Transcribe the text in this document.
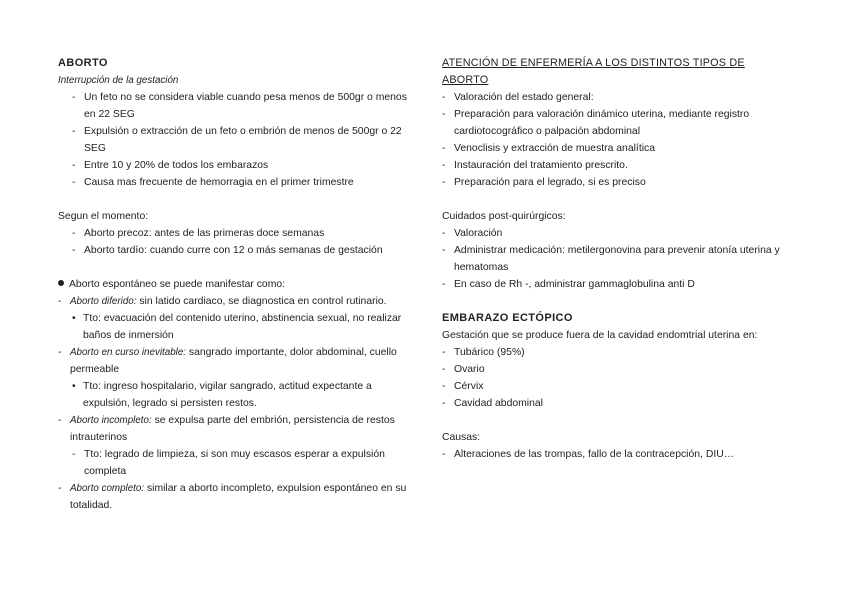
ABORTO
Interrupción de la gestación
- Un feto no se considera viable cuando pesa menos de 500gr o menos en 22 SEG
- Expulsión o extracción de un feto o embrión de menos de 500gr o 22 SEG
- Entre 10 y 20% de todos los embarazos
- Causa mas frecuente de hemorragia en el primer trimestre
Segun el momento:
- Aborto precoz: antes de las primeras doce semanas
- Aborto tardío: cuando curre con 12 o más semanas de gestación
Aborto espontáneo se puede manifestar como:
- Aborto diferido: sin latido cardiaco, se diagnostica en control rutinario.
• Tto: evacuación del contenido uterino, abstinencia sexual, no realizar baños de inmersión
- Aborto en curso inevitable: sangrado importante, dolor abdominal, cuello permeable
• Tto: ingreso hospitalario, vigilar sangrado, actitud expectante a expulsión, legrado si persisten restos.
- Aborto incompleto: se expulsa parte del embrión, persistencia de restos intrauterinos
- Tto: legrado de limpieza, si son muy escasos esperar a expulsión completa
- Aborto completo: similar a aborto incompleto, expulsion espontáneo en su totalidad.
ATENCIÓN DE ENFERMERÍA A LOS DISTINTOS TIPOS DE ABORTO
- Valoración del estado general:
- Preparación para valoración dinámico uterina, mediante registro cardiotocográfico o palpación abdominal
- Venoclisis y extracción de muestra analítica
- Instauración del tratamiento prescrito.
- Preparación para el legrado, si es preciso
Cuidados post-quirúrgicos:
- Valoración
- Administrar medicación: metilergonovina para prevenir atonía uterina y hematomas
- En caso de Rh -, administrar gammaglobulina anti D
EMBARAZO ECTÓPICO
Gestación que se produce fuera de la cavidad endomtrial uterina en:
- Tubárico (95%)
- Ovario
- Cérvix
- Cavidad abdominal
Causas:
- Alteraciones de las trompas, fallo de la contracepción, DIU…
